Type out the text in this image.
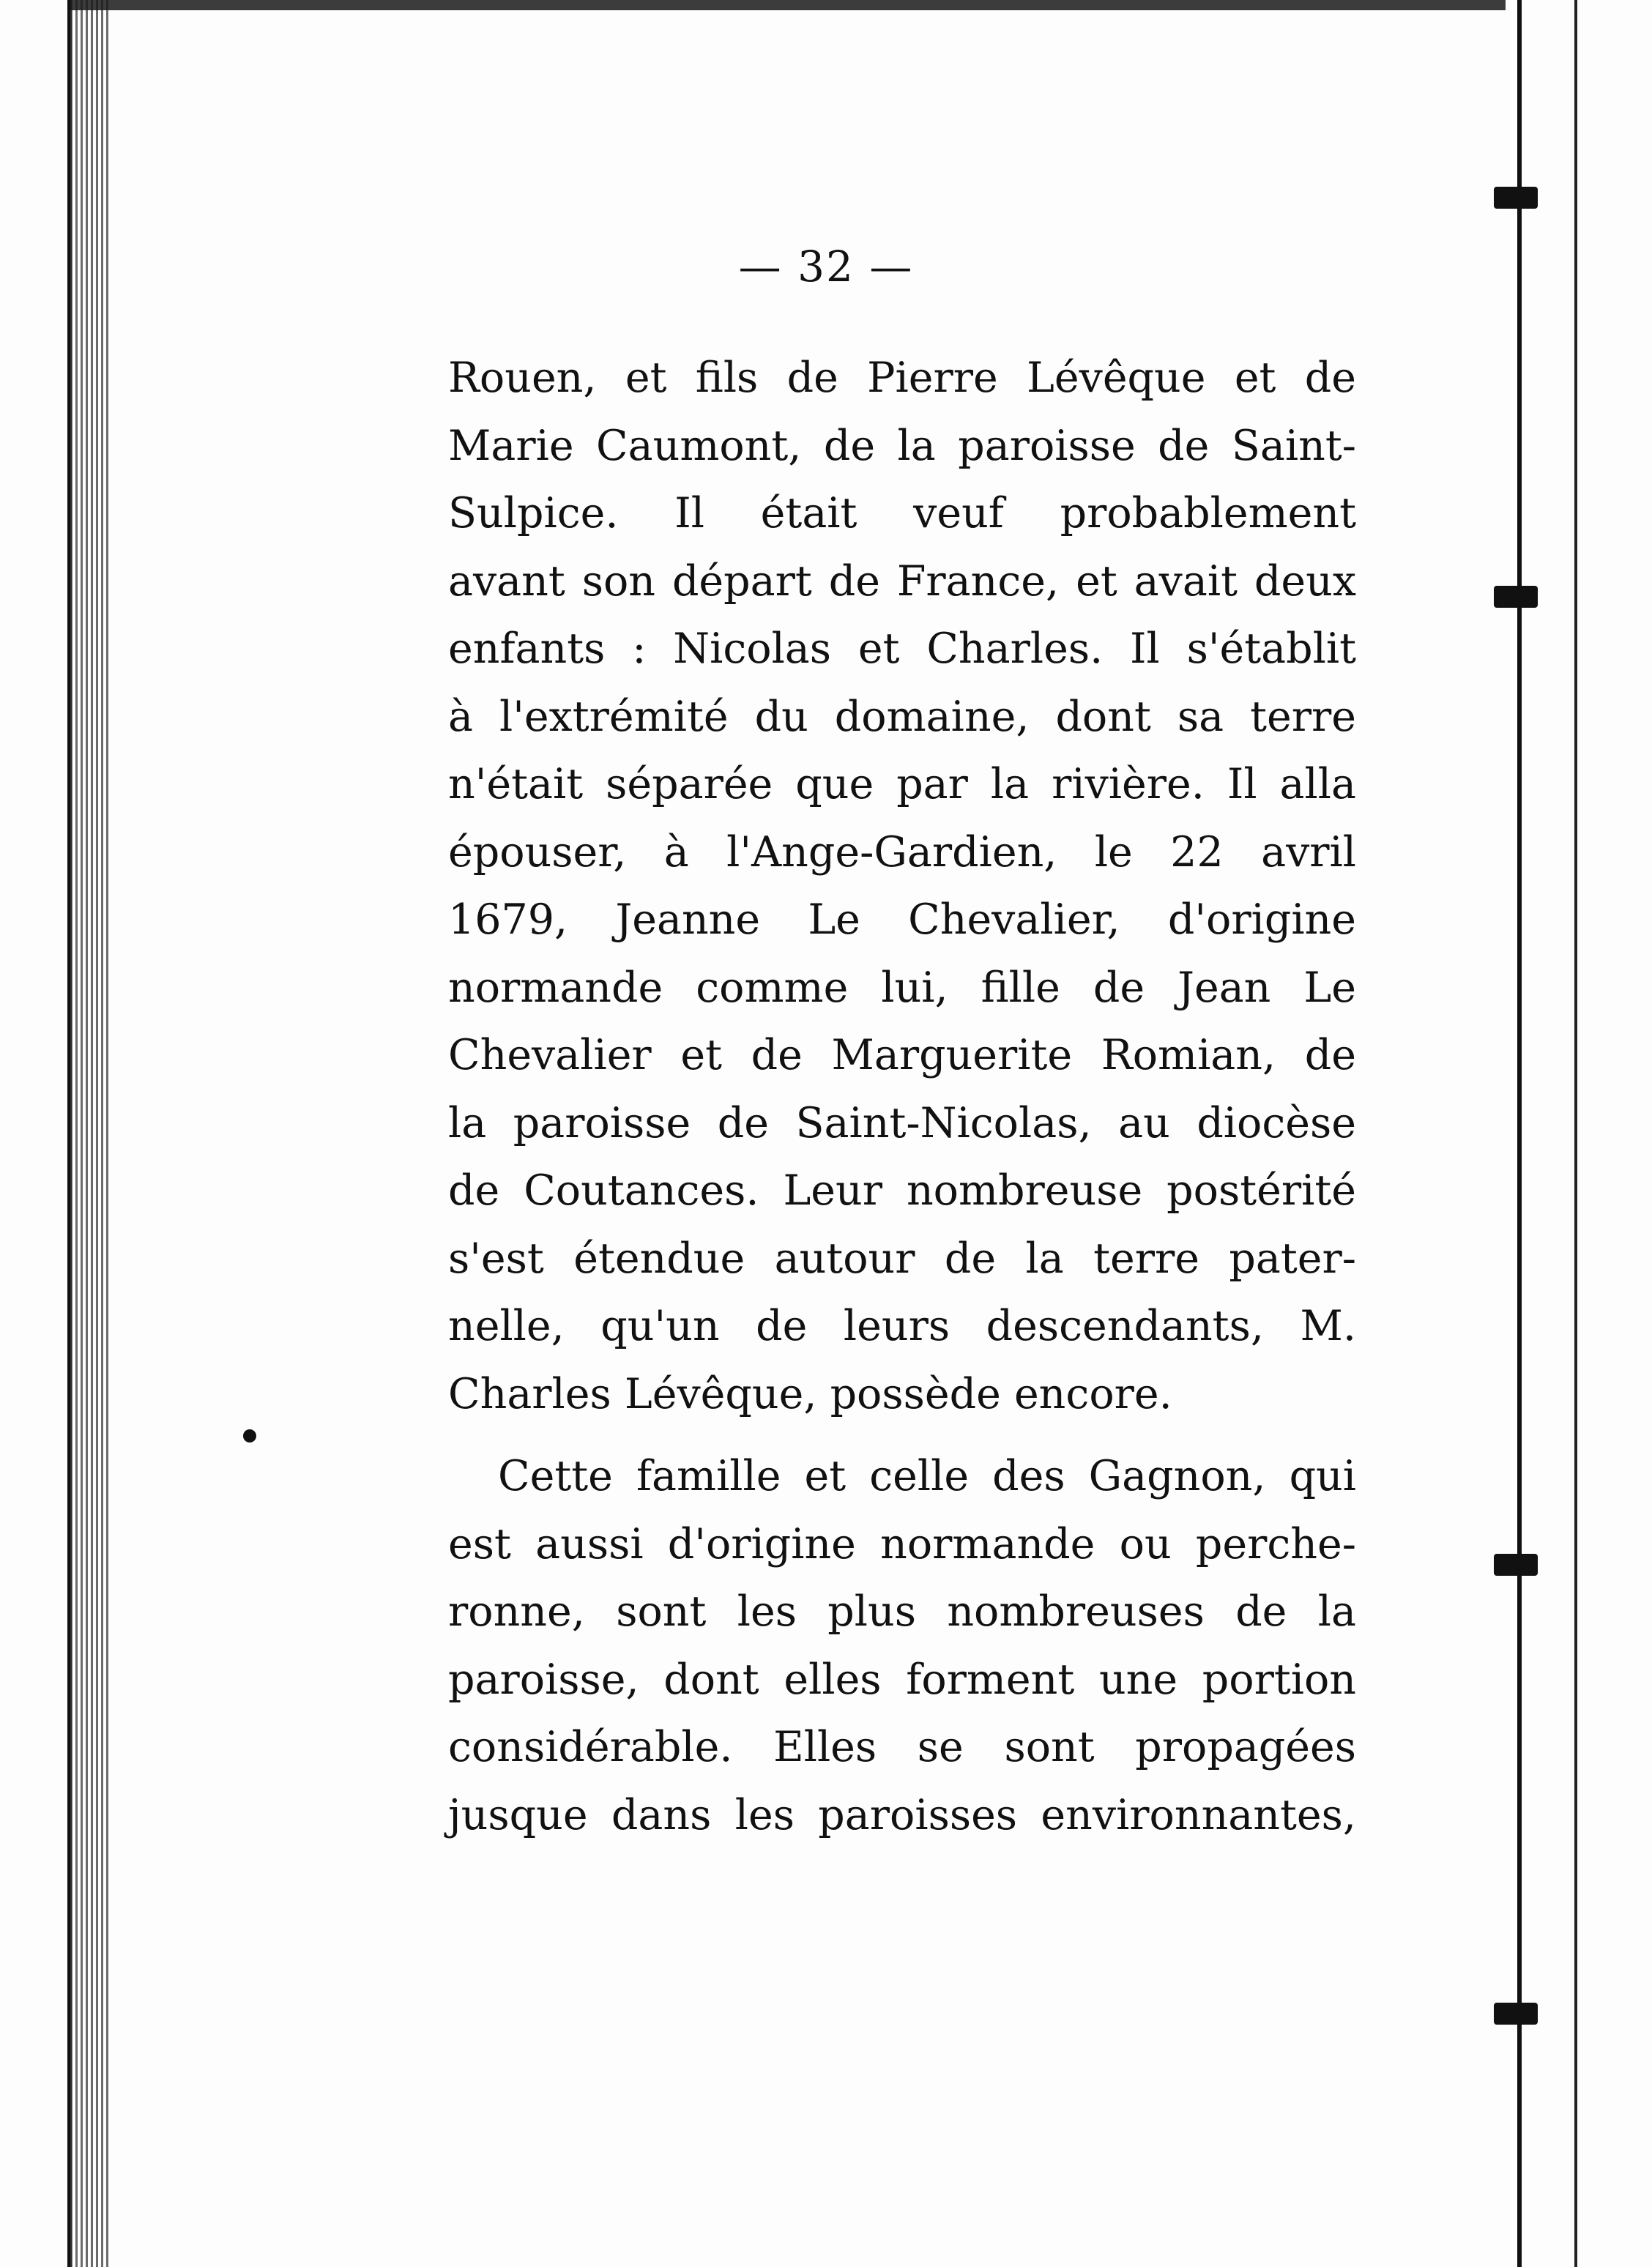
— 32 —
Rouen, et fils de Pierre Lévêque et de
Marie Caumont, de la paroisse de Saint-
Sulpice. Il était veuf probablement
avant son départ de France, et avait deux
enfants : Nicolas et Charles. Il s'établit
à l'extrémité du domaine, dont sa terre
n'était séparée que par la rivière. Il alla
épouser, à l'Ange-Gardien, le 22 avril
1679, Jeanne Le Chevalier, d'origine
normande comme lui, fille de Jean Le
Chevalier et de Marguerite Romian, de
la paroisse de Saint-Nicolas, au diocèse
de Coutances. Leur nombreuse postérité
s'est étendue autour de la terre pater-
nelle, qu'un de leurs descendants, M.
Charles Lévêque, possède encore.
Cette famille et celle des Gagnon, qui
est aussi d'origine normande ou perche-
ronne, sont les plus nombreuses de la
paroisse, dont elles forment une portion
considérable. Elles se sont propagées
jusque dans les paroisses environnantes,
